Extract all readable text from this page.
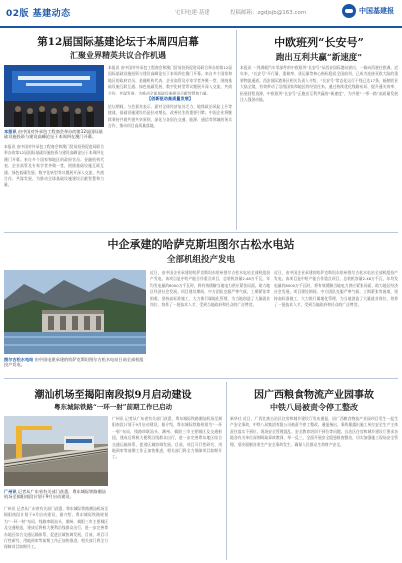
02版 基建动态	宅旧电建·基建	投稿邮箱：zgdjsjb@163.com	中国基建报
第12届国际基建论坛于本周四启幕
汇聚业界精英共议合作机遇
本报讯 由中国对外承包工程商会举办的第12届国际基础设施投资与建设高峰论坛于本周四在澳门开幕。
本报讯 由中国对外承包工程商会和澳门贸易投资促进局联合举办的第12届国际基础设施投资与建设高峰论坛于本周四在澳门开幕。来自多个国家和地区的政府官员、金融机构代表、企业高管及专家学者齐聚一堂，围绕基础设施互联互通、绿色低碳发展、数字化转型等议题展开深入交流，共商合作、共谋发展，为推动全球基础设施建设贡献智慧和力量。
【创新驱动高质量发展】
本报讯 由中国对外承包工程商会和澳门贸易投资促进局联合举办的第12届国际基础设施投资与建设高峰论坛于本周四在澳门开幕。来自多个国家和地区的政府官员、金融机构代表、企业高管及专家学者齐聚一堂，围绕基础设施互联互通、绿色低碳发展、数字化转型等议题展开深入交流，共商合作、共谋发展，为推动全球基础设施建设贡献智慧和力量。
论坛期间，与会嘉宾表示，面对全球经济复苏乏力、地缘政治风险上升等挑战，基础设施建设仍是拉动增长、改善民生的重要引擎。中国企业将继续秉持共商共建共享原则，深化与各国在交通、能源、通信等领域的务实合作，推动项目高质量落地。
中欧班列“长安号”
跑出互利共赢“新速度”
本报讯 一列满载汽车零部件的中欧班列“长安号”从西安国际港站驶出，一路向西驶往欧洲。近年来，“长安号”开行量、重箱率、货运量等核心指标稳居全国前列，已成为连接亚欧大陆的重要物流通道。西安国际港务区相关负责人介绍，“长安号”常态化运行干线已达17条，辐射欧亚大陆全境，有效带动了沿线国家和地区的经贸往来。通过持续优化线路布局、提升通关效率、拓展回程货源，中欧班列“长安号”正跑出互利共赢的“新速度”，为共建“一带一路”高质量发展注入强劲动能。
中企承建的哈萨克斯坦图尔古松水电站
全部机组投产发电
图尔古松水电站 由中国电建承建的哈萨克斯坦图尔古松水电站日前全部机组投产发电。
近日，由中国企业承建的哈萨克斯坦东哈州图尔古松水电站全部机组投产发电。该项目是中哈产能合作重点项目，总装机容量2.48万千瓦，年均发电量约8000万千瓦时，将有效缓解当地电力供应紧张局面，助力地区经济社会发展。项目建设期间，中方团队克服严寒气候、工期紧张等困难，坚持高标准施工，大力推行属地化管理，为当地创造了大量就业岗位，培养了一批技术人才，受到当地政府和民众的广泛赞誉。
近日，由中国企业承建的哈萨克斯坦东哈州图尔古松水电站全部机组投产发电。该项目是中哈产能合作重点项目，总装机容量2.48万千瓦，年均发电量约8000万千瓦时，将有效缓解当地电力供应紧张局面，助力地区经济社会发展。项目建设期间，中方团队克服严寒气候、工期紧张等困难，坚持高标准施工，大力推行属地化管理，为当地创造了大量就业岗位，培养了一批技术人才，受到当地政府和民众的广泛赞誉。
潮汕机场至揭阳南段拟9月启动建设
粤东城际铁路“一环一射”前期工作已启动
广州讯 记者从广东省有关部门获悉，粤东城际铁路潮汕机场至揭阳南段计划于9月启动建设。
广州讯 记者从广东省有关部门获悉，粤东城际铁路潮汕机场至揭阳南段计划于9月启动建设。据介绍，粤东城际铁路规划为“一环一射”布局，线路串联汕头、潮州、揭阳三市主要城区及交通枢纽，建成后将极大便利沿线群众出行，进一步完善粤东地区综合交通运输体系，促进区域协调发展。目前，项目可行性研究、用地预审等前期工作正加快推进，相关部门将全力保障项目如期开工。
广州讯 记者从广东省有关部门获悉，粤东城际铁路潮汕机场至揭阳南段计划于9月启动建设。据介绍，粤东城际铁路规划为“一环一射”布局，线路串联汕头、潮州、揭阳三市主要城区及交通枢纽，建成后将极大便利沿线群众出行，进一步完善粤东地区综合交通运输体系，促进区域协调发展。目前，项目可行性研究、用地预审等前期工作正加快推进，相关部门将全力保障项目如期开工。
因广西粮食物流产业园事故
中铁八局被责令停工整改
新华社 近日，广西壮族自治区住房和城乡建设厅发布通报，因广西粮食物流产业园项目发生一起生产安全事故，中铁八局集团有限公司被责令停工整改。通报指出，事故暴露出施工单位安全生产主体责任落实不到位、现场安全管理混乱、安全教育培训不到位等问题。自治区住房和城乡建设厅要求各地各有关单位深刻吸取事故教训，举一反三，全面开展安全隐患排查整治，切实加强施工现场安全管理，坚决遏制各类生产安全事故发生，确保人民群众生命财产安全。
